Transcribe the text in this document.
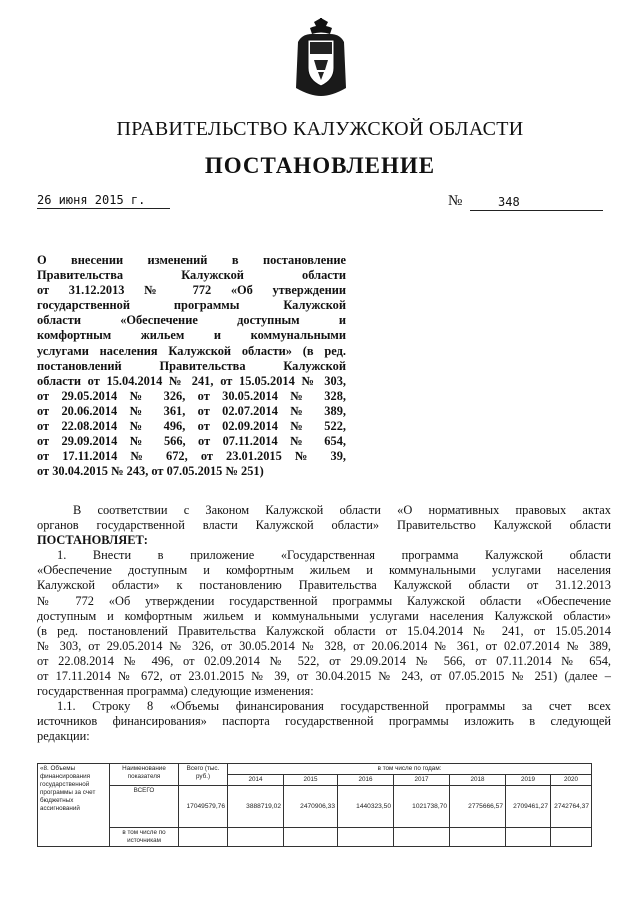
ПРАВИТЕЛЬСТВО КАЛУЖСКОЙ ОБЛАСТИ
ПОСТАНОВЛЕНИЕ
26 июня 2015 г.	№	348
О внесении изменений в постановление
Правительства Калужской области
от 31.12.2013 № 772 «Об утверждении
государственной программы Калужской
области «Обеспечение доступным и
комфортным жильем и коммунальными
услугами населения Калужской области» (в ред.
постановлений Правительства Калужской
области от 15.04.2014 № 241, от 15.05.2014 № 303,
от 29.05.2014 № 326, от 30.05.2014 № 328,
от 20.06.2014 № 361, от 02.07.2014 № 389,
от 22.08.2014 № 496, от 02.09.2014 № 522,
от 29.09.2014 № 566, от 07.11.2014 № 654,
от 17.11.2014 № 672, от 23.01.2015 № 39,
от 30.04.2015 № 243, от 07.05.2015 № 251)
В соответствии с Законом Калужской области «О нормативных правовых актах
органов государственной власти Калужской области» Правительство Калужской области
ПОСТАНОВЛЯЕТ:
1. Внести в приложение «Государственная программа Калужской области
«Обеспечение доступным и комфортным жильем и коммунальными услугами населения
Калужской области» к постановлению Правительства Калужской области от 31.12.2013
№ 772 «Об утверждении государственной программы Калужской области «Обеспечение
доступным и комфортным жильем и коммунальными услугами населения Калужской области»
(в ред. постановлений Правительства Калужской области от 15.04.2014 № 241, от 15.05.2014
№ 303, от 29.05.2014 № 326, от 30.05.2014 № 328, от 20.06.2014 № 361, от 02.07.2014 № 389,
от 22.08.2014 № 496, от 02.09.2014 № 522, от 29.09.2014 № 566, от 07.11.2014 № 654,
от 17.11.2014 № 672, от 23.01.2015 № 39, от 30.04.2015 № 243, от 07.05.2015 № 251) (далее –
государственная программа) следующие изменения:
1.1. Строку 8 «Объемы финансирования государственной программы за счет всех
источников финансирования» паспорта государственной программы изложить в следующей
редакции:
«8. Объемы финансирования государственной программы за счет бюджетных ассигнований	Наименование показателя	Всего (тыс. руб.)	в том числе по годам:						
			2014	2015	2016	2017	2018	2019	2020
	ВСЕГО	17049579,76	3888719,02	2470906,33	1440323,50	1021738,70	2775666,57	2709461,27	2742764,37
	в том числе по источникам								
